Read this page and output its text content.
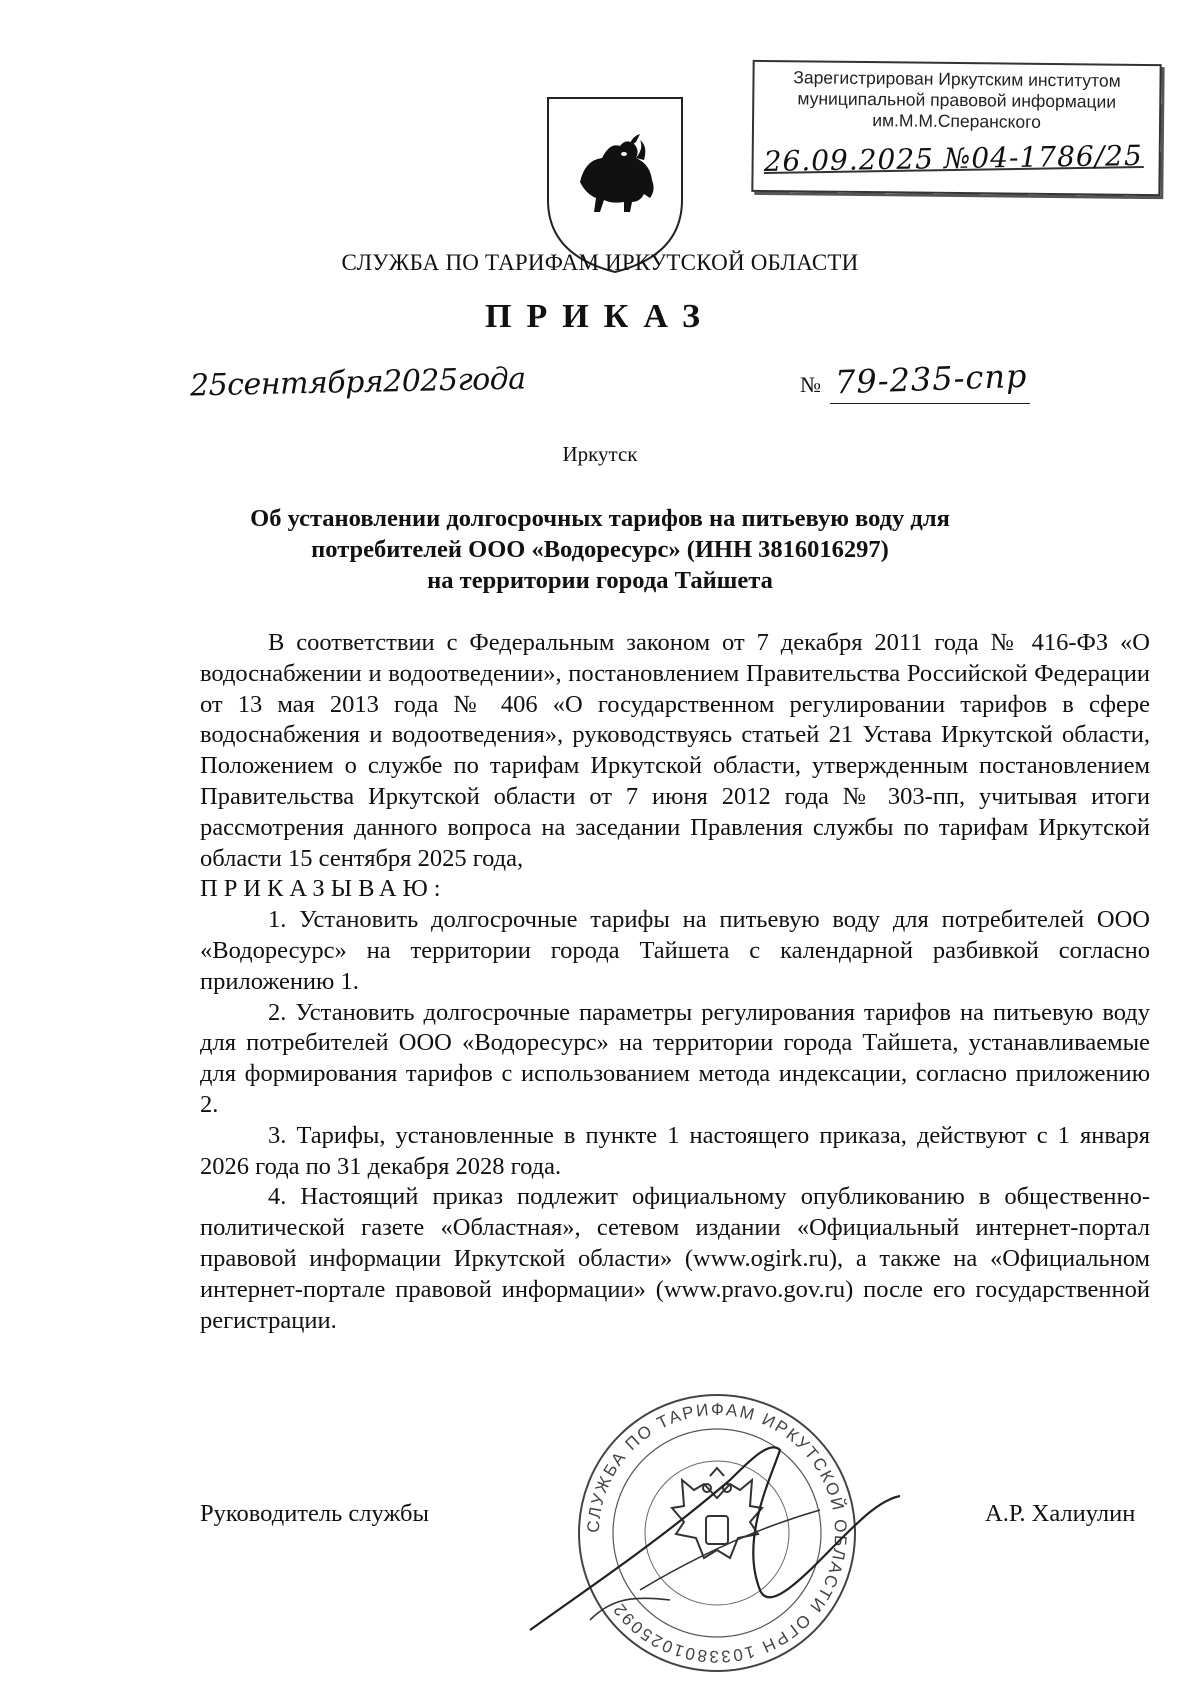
Зарегистрирован Иркутским институтом
муниципальной правовой информации
им.М.М.Сперанского
26.09.2025 №04-1786/25
СЛУЖБА ПО ТАРИФАМ ИРКУТСКОЙ ОБЛАСТИ
ПРИКАЗ
25сентября2025года	№ 79-235-спр
Иркутск
Об установлении долгосрочных тарифов на питьевую воду для
потребителей ООО «Водоресурс» (ИНН 3816016297)
на территории города Тайшета

В соответствии с Федеральным законом от 7 декабря 2011 года № 416-ФЗ «О водоснабжении и водоотведении», постановлением Правительства Российской Федерации от 13 мая 2013 года № 406 «О государственном регулировании тарифов в сфере водоснабжения и водоотведения», руководствуясь статьей 21 Устава Иркутской области, Положением о службе по тарифам Иркутской области, утвержденным постановлением Правительства Иркутской области от 7 июня 2012 года № 303-пп, учитывая итоги рассмотрения данного вопроса на заседании Правления службы по тарифам Иркутской области 15 сентября 2025 года,

ПРИКАЗЫВАЮ:

1. Установить долгосрочные тарифы на питьевую воду для потребителей ООО «Водоресурс» на территории города Тайшета с календарной разбивкой согласно приложению 1.

2. Установить долгосрочные параметры регулирования тарифов на питьевую воду для потребителей ООО «Водоресурс» на территории города Тайшета, устанавливаемые для формирования тарифов с использованием метода индексации, согласно приложению 2.

3. Тарифы, установленные в пункте 1 настоящего приказа, действуют с 1 января 2026 года по 31 декабря 2028 года.

4. Настоящий приказ подлежит официальному опубликованию в общественно-политической газете «Областная», сетевом издании «Официальный интернет-портал правовой информации Иркутской области» (www.ogirk.ru), а также на «Официальном интернет-портале правовой информации» (www.pravo.gov.ru) после его государственной регистрации.

СЛУЖБА ПО ТАРИФАМ ИРКУТСКОЙ ОБЛАСТИ ОГРН 1033801025092
Руководитель службы	А.Р. Халиулин
